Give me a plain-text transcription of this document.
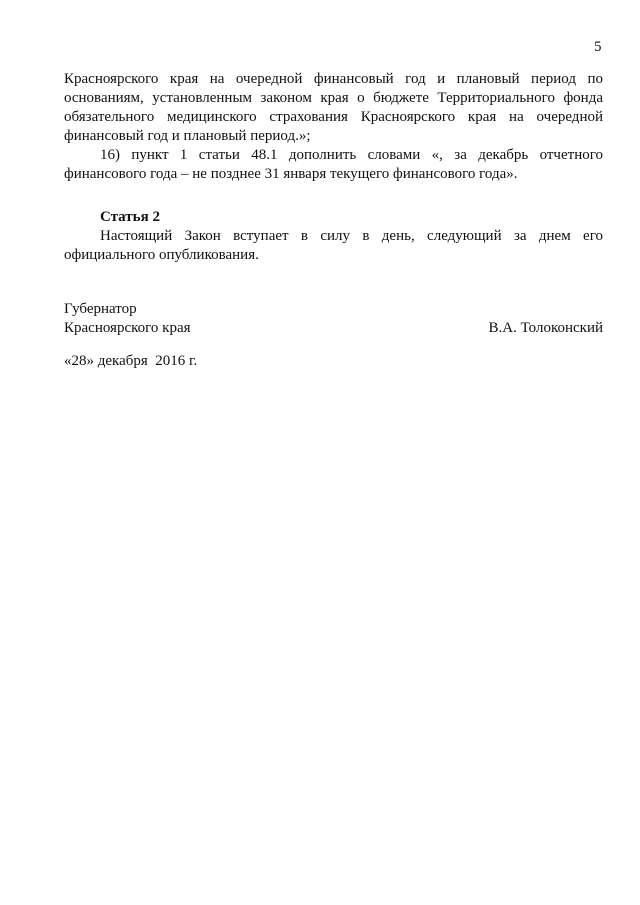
5

Красноярского края на очередной финансовый год и плановый период по основаниям, установленным законом края о бюджете Территориального фонда обязательного медицинского страхования Красноярского края на очередной финансовый год и плановый период.»;

16) пункт 1 статьи 48.1 дополнить словами «, за декабрь отчетного финансового года – не позднее 31 января текущего финансового года».

Статья 2

Настоящий Закон вступает в силу в день, следующий за днем его официального опубликования.

Губернатор
Красноярского края	В.А. Толоконский
«28» декабря  2016 г.
